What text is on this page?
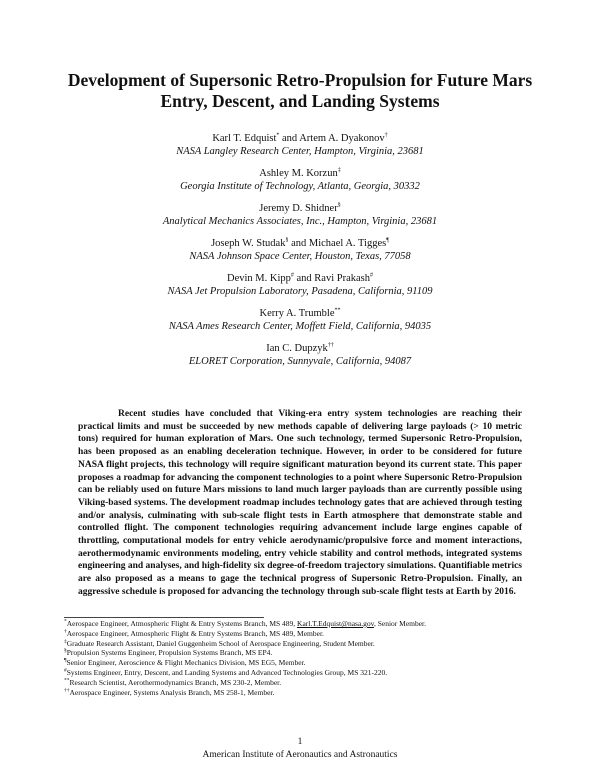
Development of Supersonic Retro-Propulsion for Future Mars Entry, Descent, and Landing Systems
Karl T. Edquist* and Artem A. Dyakonov†
NASA Langley Research Center, Hampton, Virginia, 23681
Ashley M. Korzun‡
Georgia Institute of Technology, Atlanta, Georgia, 30332
Jeremy D. Shidner§
Analytical Mechanics Associates, Inc., Hampton, Virginia, 23681
Joseph W. Studak§ and Michael A. Tigges¶
NASA Johnson Space Center, Houston, Texas, 77058
Devin M. Kipp# and Ravi Prakash#
NASA Jet Propulsion Laboratory, Pasadena, California, 91109
Kerry A. Trumble**
NASA Ames Research Center, Moffett Field, California, 94035
Ian C. Dupzyk††
ELORET Corporation, Sunnyvale, California, 94087

Recent studies have concluded that Viking-era entry system technologies are reaching their practical limits and must be succeeded by new methods capable of delivering large payloads (> 10 metric tons) required for human exploration of Mars. One such technology, termed Supersonic Retro-Propulsion, has been proposed as an enabling deceleration technique. However, in order to be considered for future NASA flight projects, this technology will require significant maturation beyond its current state. This paper proposes a roadmap for advancing the component technologies to a point where Supersonic Retro-Propulsion can be reliably used on future Mars missions to land much larger payloads than are currently possible using Viking-based systems. The development roadmap includes technology gates that are achieved through testing and/or analysis, culminating with sub-scale flight tests in Earth atmosphere that demonstrate stable and controlled flight. The component technologies requiring advancement include large engines capable of throttling, computational models for entry vehicle aerodynamic/propulsive force and moment interactions, aerothermodynamic environments modeling, entry vehicle stability and control methods, integrated systems engineering and analyses, and high-fidelity six degree-of-freedom trajectory simulations. Quantifiable metrics are also proposed as a means to gage the technical progress of Supersonic Retro-Propulsion. Finally, an aggressive schedule is proposed for advancing the technology through sub-scale flight tests at Earth by 2016.

*Aerospace Engineer, Atmospheric Flight & Entry Systems Branch, MS 489, Karl.T.Edquist@nasa.gov, Senior Member.
†Aerospace Engineer, Atmospheric Flight & Entry Systems Branch, MS 489, Member.
‡Graduate Research Assistant, Daniel Guggenheim School of Aerospace Engineering, Student Member.
§Propulsion Systems Engineer, Propulsion Systems Branch, MS EP4.
¶Senior Engineer, Aeroscience & Flight Mechanics Division, MS EG5, Member.
#Systems Engineer, Entry, Descent, and Landing Systems and Advanced Technologies Group, MS 321-220.
**Research Scientist, Aerothermodynamics Branch, MS 230-2, Member.
††Aerospace Engineer, Systems Analysis Branch, MS 258-1, Member.
1
American Institute of Aeronautics and Astronautics
